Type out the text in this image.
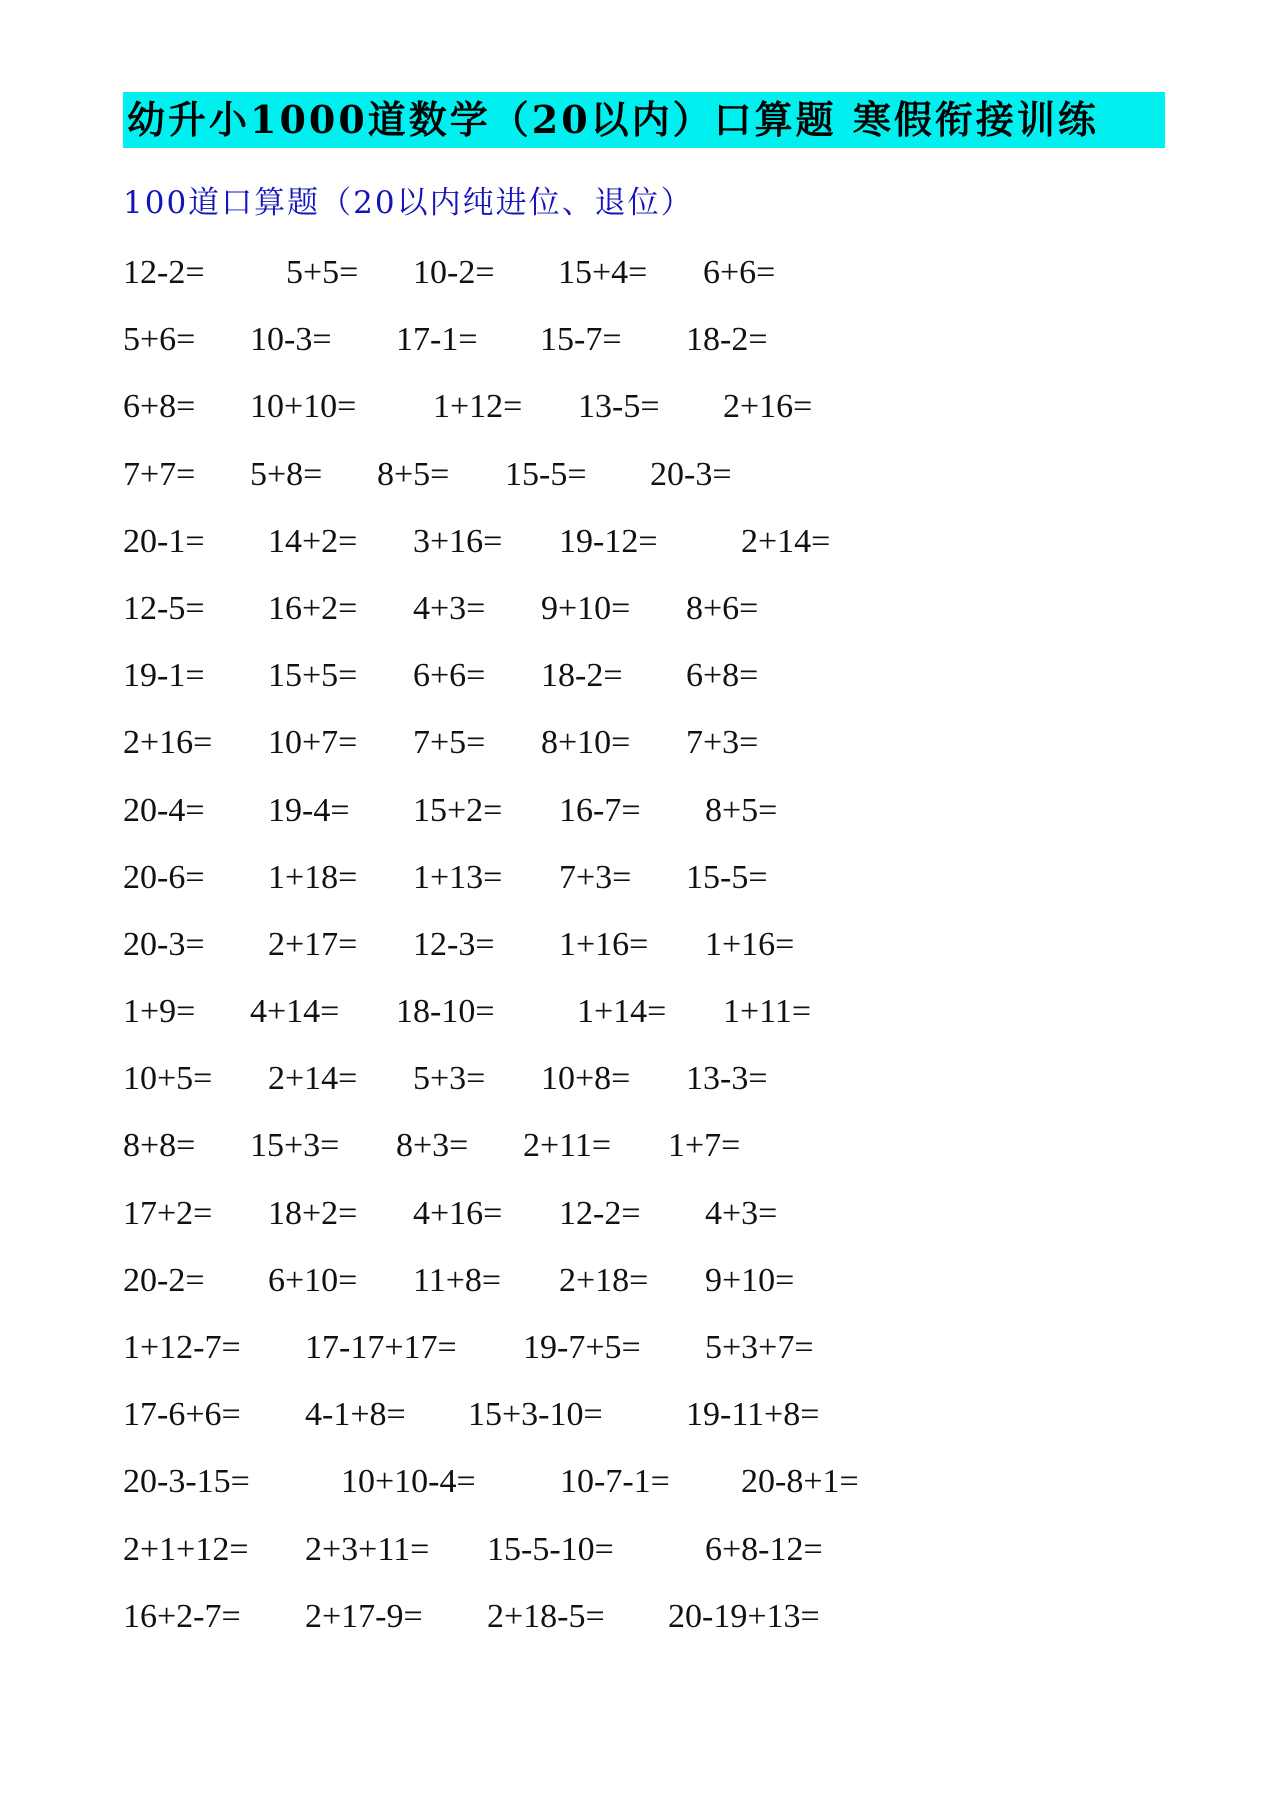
幼升小1000道数学（20以内）口算题 寒假衔接训练
100道口算题（20以内纯进位、退位）
12-2= 5+5= 10-2= 15+4= 6+6=
5+6= 10-3= 17-1= 15-7= 18-2=
6+8= 10+10= 1+12= 13-5= 2+16=
7+7= 5+8= 8+5= 15-5= 20-3=
20-1= 14+2= 3+16= 19-12= 2+14=
12-5= 16+2= 4+3= 9+10= 8+6=
19-1= 15+5= 6+6= 18-2= 6+8=
2+16= 10+7= 7+5= 8+10= 7+3=
20-4= 19-4= 15+2= 16-7= 8+5=
20-6= 1+18= 1+13= 7+3= 15-5=
20-3= 2+17= 12-3= 1+16= 1+16=
1+9= 4+14= 18-10= 1+14= 1+11=
10+5= 2+14= 5+3= 10+8= 13-3=
8+8= 15+3= 8+3= 2+11= 1+7=
17+2= 18+2= 4+16= 12-2= 4+3=
20-2= 6+10= 11+8= 2+18= 9+10=
1+12-7= 17-17+17= 19-7+5= 5+3+7=
17-6+6= 4-1+8= 15+3-10= 19-11+8=
20-3-15=	10+10-4= 10-7-1= 20-8+1=
2+1+12= 2+3+11= 15-5-10=	6+8-12=
16+2-7= 2+17-9= 2+18-5= 20-19+13=
